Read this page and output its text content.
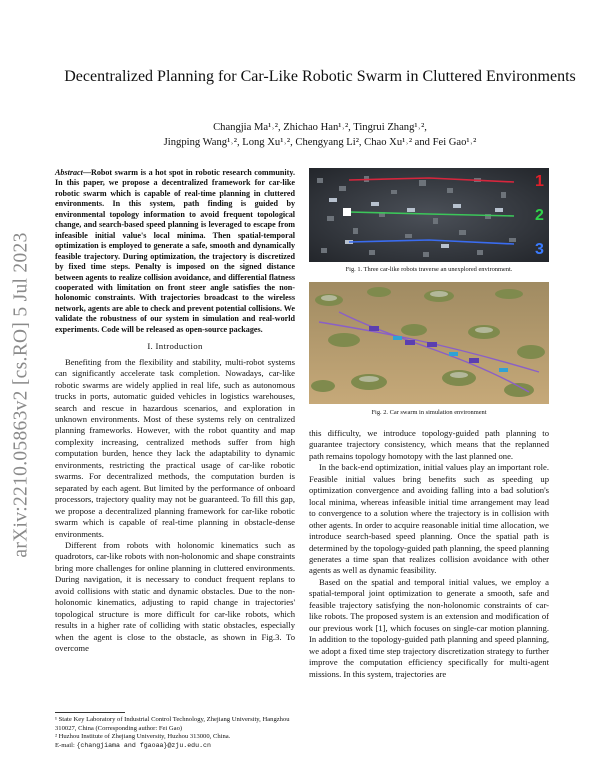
arXiv:2210.05863v2 [cs.RO] 5 Jul 2023
Decentralized Planning for Car-Like Robotic Swarm in Cluttered Environments
Changjia Ma¹˒², Zhichao Han¹˒², Tingrui Zhang¹˒²,
Jingping Wang¹˒², Long Xu¹˒², Chengyang Li², Chao Xu¹˒² and Fei Gao¹˒²

Abstract—Robot swarm is a hot spot in robotic research community. In this paper, we propose a decentralized framework for car-like robotic swarm which is capable of real-time planning in cluttered environments. In this system, path finding is guided by environmental topology information to avoid frequent topological change, and search-based speed planning is leveraged to escape from infeasible initial value's local minima. Then spatial-temporal optimization is employed to generate a safe, smooth and dynamically feasible trajectory. During optimization, the trajectory is discretized by fixed time steps. Penalty is imposed on the signed distance between agents to realize collision avoidance, and differential flatness cooperated with limitation on front steer angle satisfies the non-holonomic constraints. With trajectories broadcast to the wireless network, agents are able to check and prevent potential collisions. We validate the robustness of our system in simulation and real-world experiments. Code will be released as open-source packages.

I. Introduction

Benefiting from the flexibility and stability, multi-robot systems can significantly accelerate task completion. Nowadays, car-like robotic swarms are widely applied in real life, such as autonomous trucks in ports, automatic guided vehicles in logistics warehouses, search and rescue in hazardous scenarios, and exploration in unknown environments. Most of these systems rely on centralized planning frameworks. However, with the robot quantity and map complexity increasing, centralized methods suffer from high computation burden, hence they lack the adaptability to dynamic environments, restricting the practical usage of car-like robotic swarms. For decentralized methods, the computation burden is separated by each agent. But limited by the performance of onboard processors, trajectory quality may not be guaranteed. To fill this gap, we propose a decentralized planning framework for car-like robotic swarm which is capable of real-time planning in obstacle-dense environments.

Different from robots with holonomic kinematics such as quadrotors, car-like robots with non-holonomic and shape constraints bring more challenges for online planning in cluttered environments. During navigation, it is necessary to conduct frequent replans to avoid collisions with static and dynamic obstacles. Due to the non-holonomic kinematics, adjusting to rapid change in trajectories' topological structure is more difficult for car-like robots, which results in a higher rate of colliding with static obstacles, especially when the agent is close to the obstacle, as shown in Fig.3. To overcome

¹ State Key Laboratory of Industrial Control Technology, Zhejiang University, Hangzhou 310027, China (Corresponding author: Fei Gao)
² Huzhou Institute of Zhejiang University, Huzhou 313000, China.
E-mail: {changjiama and fgaoaa}@zju.edu.cn
1
2
3
Fig. 1. Three car-like robots traverse an unexplored environment.
Fig. 2. Car swarm in simulation environment

this difficulty, we introduce topology-guided path planning to guarantee trajectory consistency, which means that the replanned path remains topology homotopy with the last planned one.

In the back-end optimization, initial values play an important role. Feasible initial values bring benefits such as speeding up optimization convergence and avoiding falling into a bad solution's local minima, whereas infeasible initial time arrangement may lead to convergence to a solution where the trajectory is in collision with other agents. In order to acquire reasonable initial time allocation, we introduce search-based speed planning. Once the spatial path is determined by the topology-guided path planning, the speed planning generates a time span that realizes collision avoidance with other agents as well as dynamic feasibility.

Based on the spatial and temporal initial values, we employ a spatial-temporal joint optimization to generate a smooth, safe and feasible trajectory satisfying the non-holonomic constraints of car-like robots. The proposed system is an extension and modification of our previous work [1], which focuses on single-car motion planning. In addition to the topology-guided path planning and speed planning, we adopt a fixed time step trajectory discretization strategy to further improve the computation efficiency specifically for multi-agent missions. In this system, trajectories are
